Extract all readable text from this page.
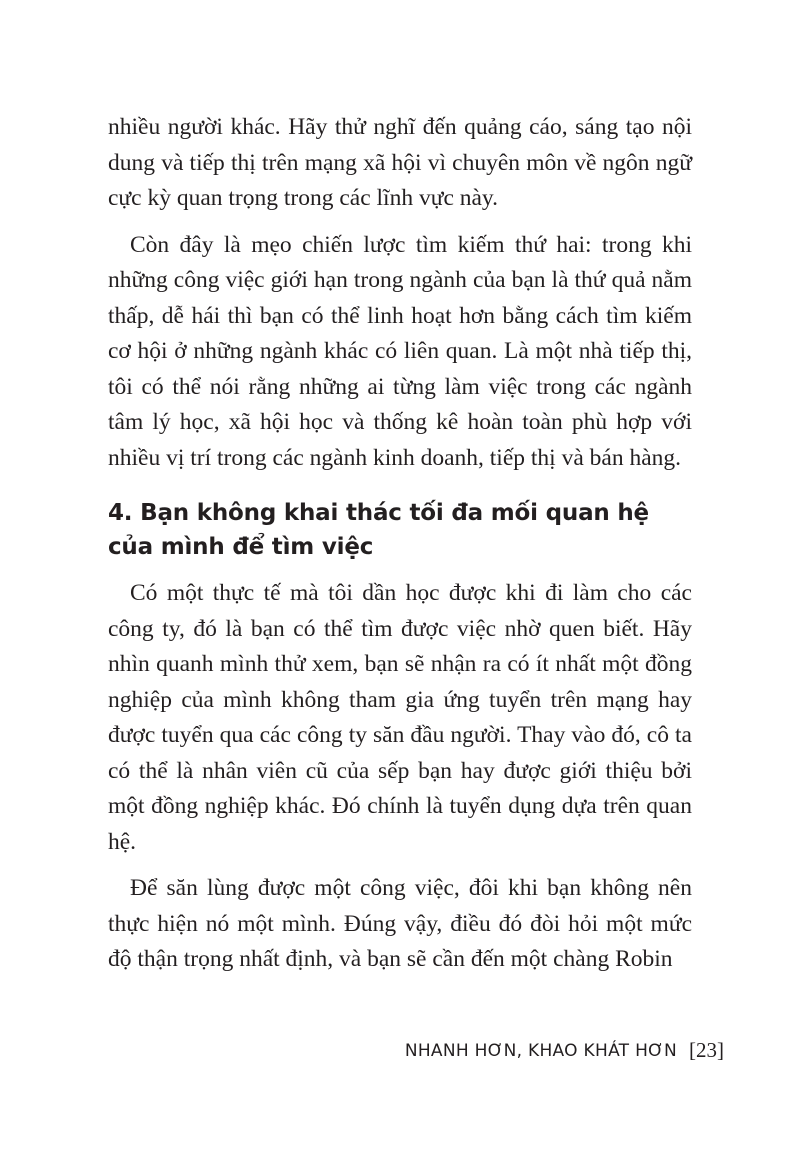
nhiều người khác. Hãy thử nghĩ đến quảng cáo, sáng tạo nội dung và tiếp thị trên mạng xã hội vì chuyên môn về ngôn ngữ cực kỳ quan trọng trong các lĩnh vực này.

Còn đây là mẹo chiến lược tìm kiếm thứ hai: trong khi những công việc giới hạn trong ngành của bạn là thứ quả nằm thấp, dễ hái thì bạn có thể linh hoạt hơn bằng cách tìm kiếm cơ hội ở những ngành khác có liên quan. Là một nhà tiếp thị, tôi có thể nói rằng những ai từng làm việc trong các ngành tâm lý học, xã hội học và thống kê hoàn toàn phù hợp với nhiều vị trí trong các ngành kinh doanh, tiếp thị và bán hàng.

4. Bạn không khai thác tối đa mối quan hệ của mình để tìm việc

Có một thực tế mà tôi dần học được khi đi làm cho các công ty, đó là bạn có thể tìm được việc nhờ quen biết. Hãy nhìn quanh mình thử xem, bạn sẽ nhận ra có ít nhất một đồng nghiệp của mình không tham gia ứng tuyển trên mạng hay được tuyển qua các công ty săn đầu người. Thay vào đó, cô ta có thể là nhân viên cũ của sếp bạn hay được giới thiệu bởi một đồng nghiệp khác. Đó chính là tuyển dụng dựa trên quan hệ.

Để săn lùng được một công việc, đôi khi bạn không nên thực hiện nó một mình. Đúng vậy, điều đó đòi hỏi một mức độ thận trọng nhất định, và bạn sẽ cần đến một chàng Robin

NHANH HƠN, KHAO KHÁT HƠN [23]
